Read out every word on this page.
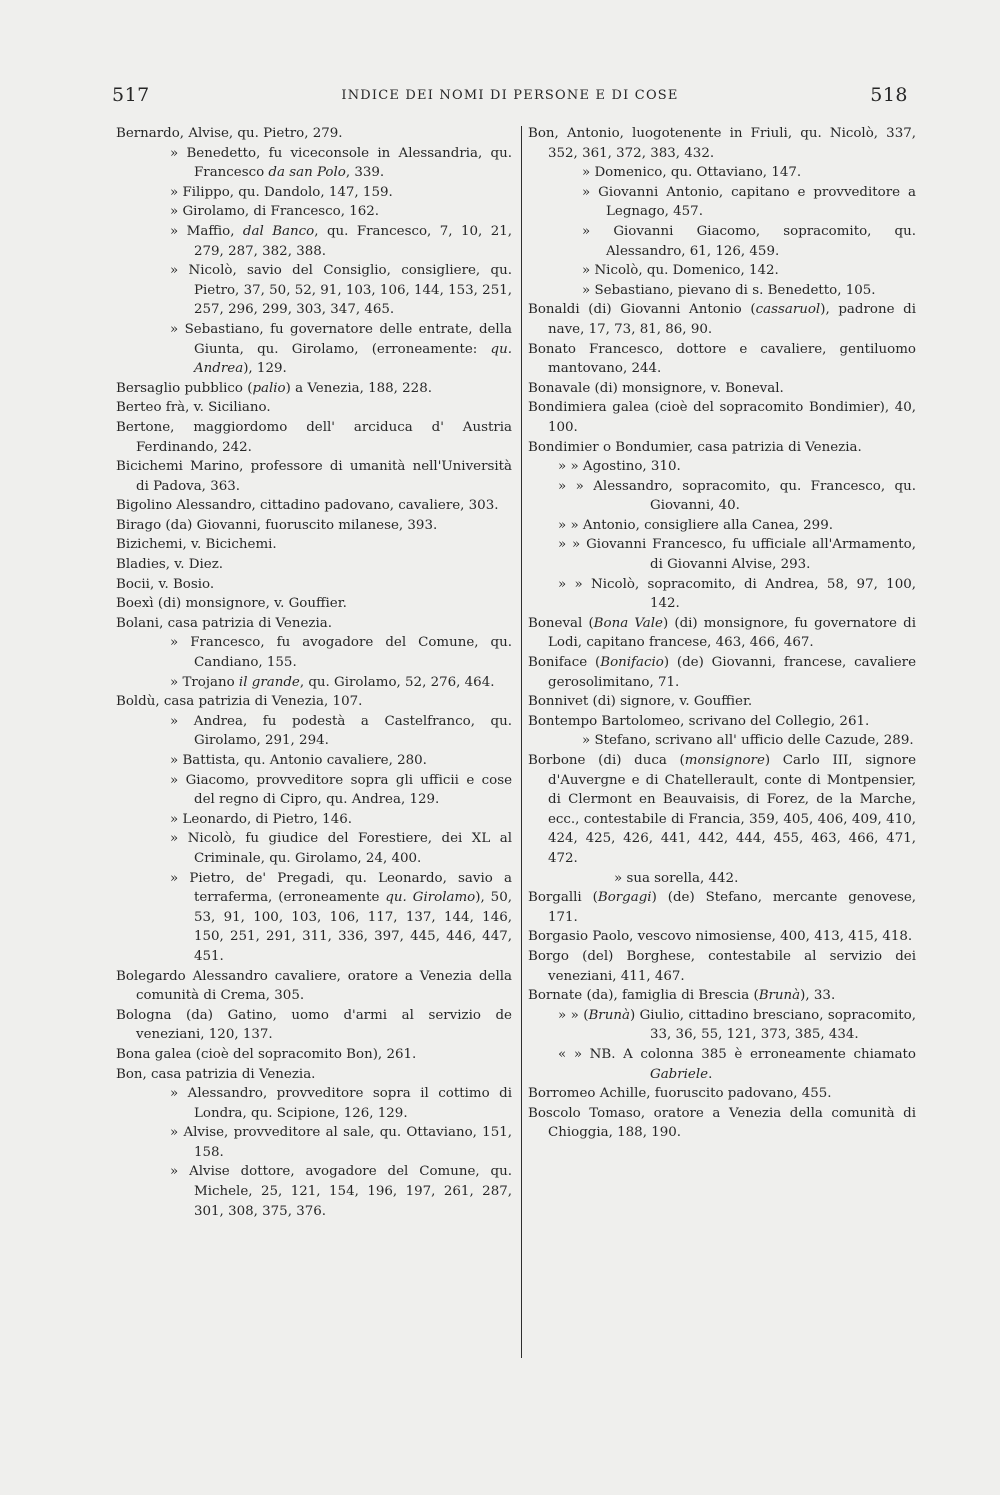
517	INDICE DEI NOMI DI PERSONE E DI COSE	518
Bernardo, Alvise, qu. Pietro, 279.
» Benedetto, fu viceconsole in Alessandria, qu. Francesco da san Polo, 339.
» Filippo, qu. Dandolo, 147, 159.
» Girolamo, di Francesco, 162.
» Maffio, dal Banco, qu. Francesco, 7, 10, 21, 279, 287, 382, 388.
» Nicolò, savio del Consiglio, consigliere, qu. Pietro, 37, 50, 52, 91, 103, 106, 144, 153, 251, 257, 296, 299, 303, 347, 465.
» Sebastiano, fu governatore delle entrate, della Giunta, qu. Girolamo, (erroneamente: qu. Andrea), 129.
Bersaglio pubblico (palio) a Venezia, 188, 228.
Berteo frà, v. Siciliano.
Bertone, maggiordomo dell' arciduca d' Austria Ferdinando, 242.
Bicichemi Marino, professore di umanità nell'Università di Padova, 363.
Bigolino Alessandro, cittadino padovano, cavaliere, 303.
Birago (da) Giovanni, fuoruscito milanese, 393.
Bizichemi, v. Bicichemi.
Bladies, v. Diez.
Bocii, v. Bosio.
Boexì (di) monsignore, v. Gouffier.
Bolani, casa patrizia di Venezia.
» Francesco, fu avogadore del Comune, qu. Candiano, 155.
» Trojano il grande, qu. Girolamo, 52, 276, 464.
Boldù, casa patrizia di Venezia, 107.
» Andrea, fu podestà a Castelfranco, qu. Girolamo, 291, 294.
» Battista, qu. Antonio cavaliere, 280.
» Giacomo, provveditore sopra gli ufficii e cose del regno di Cipro, qu. Andrea, 129.
» Leonardo, di Pietro, 146.
» Nicolò, fu giudice del Forestiere, dei XL al Criminale, qu. Girolamo, 24, 400.
» Pietro, de' Pregadi, qu. Leonardo, savio a terraferma, (erroneamente qu. Girolamo), 50, 53, 91, 100, 103, 106, 117, 137, 144, 146, 150, 251, 291, 311, 336, 397, 445, 446, 447, 451.
Bolegardo Alessandro cavaliere, oratore a Venezia della comunità di Crema, 305.
Bologna (da) Gatino, uomo d'armi al servizio de veneziani, 120, 137.
Bona galea (cioè del sopracomito Bon), 261.
Bon, casa patrizia di Venezia.
» Alessandro, provveditore sopra il cottimo di Londra, qu. Scipione, 126, 129.
» Alvise, provveditore al sale, qu. Ottaviano, 151, 158.
» Alvise dottore, avogadore del Comune, qu. Michele, 25, 121, 154, 196, 197, 261, 287, 301, 308, 375, 376.
Bon, Antonio, luogotenente in Friuli, qu. Nicolò, 337, 352, 361, 372, 383, 432.
» Domenico, qu. Ottaviano, 147.
» Giovanni Antonio, capitano e provveditore a Legnago, 457.
» Giovanni Giacomo, sopracomito, qu. Alessandro, 61, 126, 459.
» Nicolò, qu. Domenico, 142.
» Sebastiano, pievano di s. Benedetto, 105.
Bonaldi (di) Giovanni Antonio (cassaruol), padrone di nave, 17, 73, 81, 86, 90.
Bonato Francesco, dottore e cavaliere, gentiluomo mantovano, 244.
Bonavale (di) monsignore, v. Boneval.
Bondimiera galea (cioè del sopracomito Bondimier), 40, 100.
Bondimier o Bondumier, casa patrizia di Venezia.
» » Agostino, 310.
» » Alessandro, sopracomito, qu. Francesco, qu. Giovanni, 40.
» » Antonio, consigliere alla Canea, 299.
» » Giovanni Francesco, fu ufficiale all'Armamento, di Giovanni Alvise, 293.
» » Nicolò, sopracomito, di Andrea, 58, 97, 100, 142.
Boneval (Bona Vale) (di) monsignore, fu governatore di Lodi, capitano francese, 463, 466, 467.
Boniface (Bonifacio) (de) Giovanni, francese, cavaliere gerosolimitano, 71.
Bonnivet (di) signore, v. Gouffier.
Bontempo Bartolomeo, scrivano del Collegio, 261.
» Stefano, scrivano all' ufficio delle Cazude, 289.
Borbone (di) duca (monsignore) Carlo III, signore d'Auvergne e di Chatellerault, conte di Montpensier, di Clermont en Beauvaisis, di Forez, de la Marche, ecc., contestabile di Francia, 359, 405, 406, 409, 410, 424, 425, 426, 441, 442, 444, 455, 463, 466, 471, 472.
» sua sorella, 442.
Borgalli (Borgagi) (de) Stefano, mercante genovese, 171.
Borgasio Paolo, vescovo nimosiense, 400, 413, 415, 418.
Borgo (del) Borghese, contestabile al servizio dei veneziani, 411, 467.
Bornate (da), famiglia di Brescia (Brunà), 33.
» » (Brunà) Giulio, cittadino bresciano, sopracomito, 33, 36, 55, 121, 373, 385, 434.
« » NB. A colonna 385 è erroneamente chiamato Gabriele.
Borromeo Achille, fuoruscito padovano, 455.
Boscolo Tomaso, oratore a Venezia della comunità di Chioggia, 188, 190.
